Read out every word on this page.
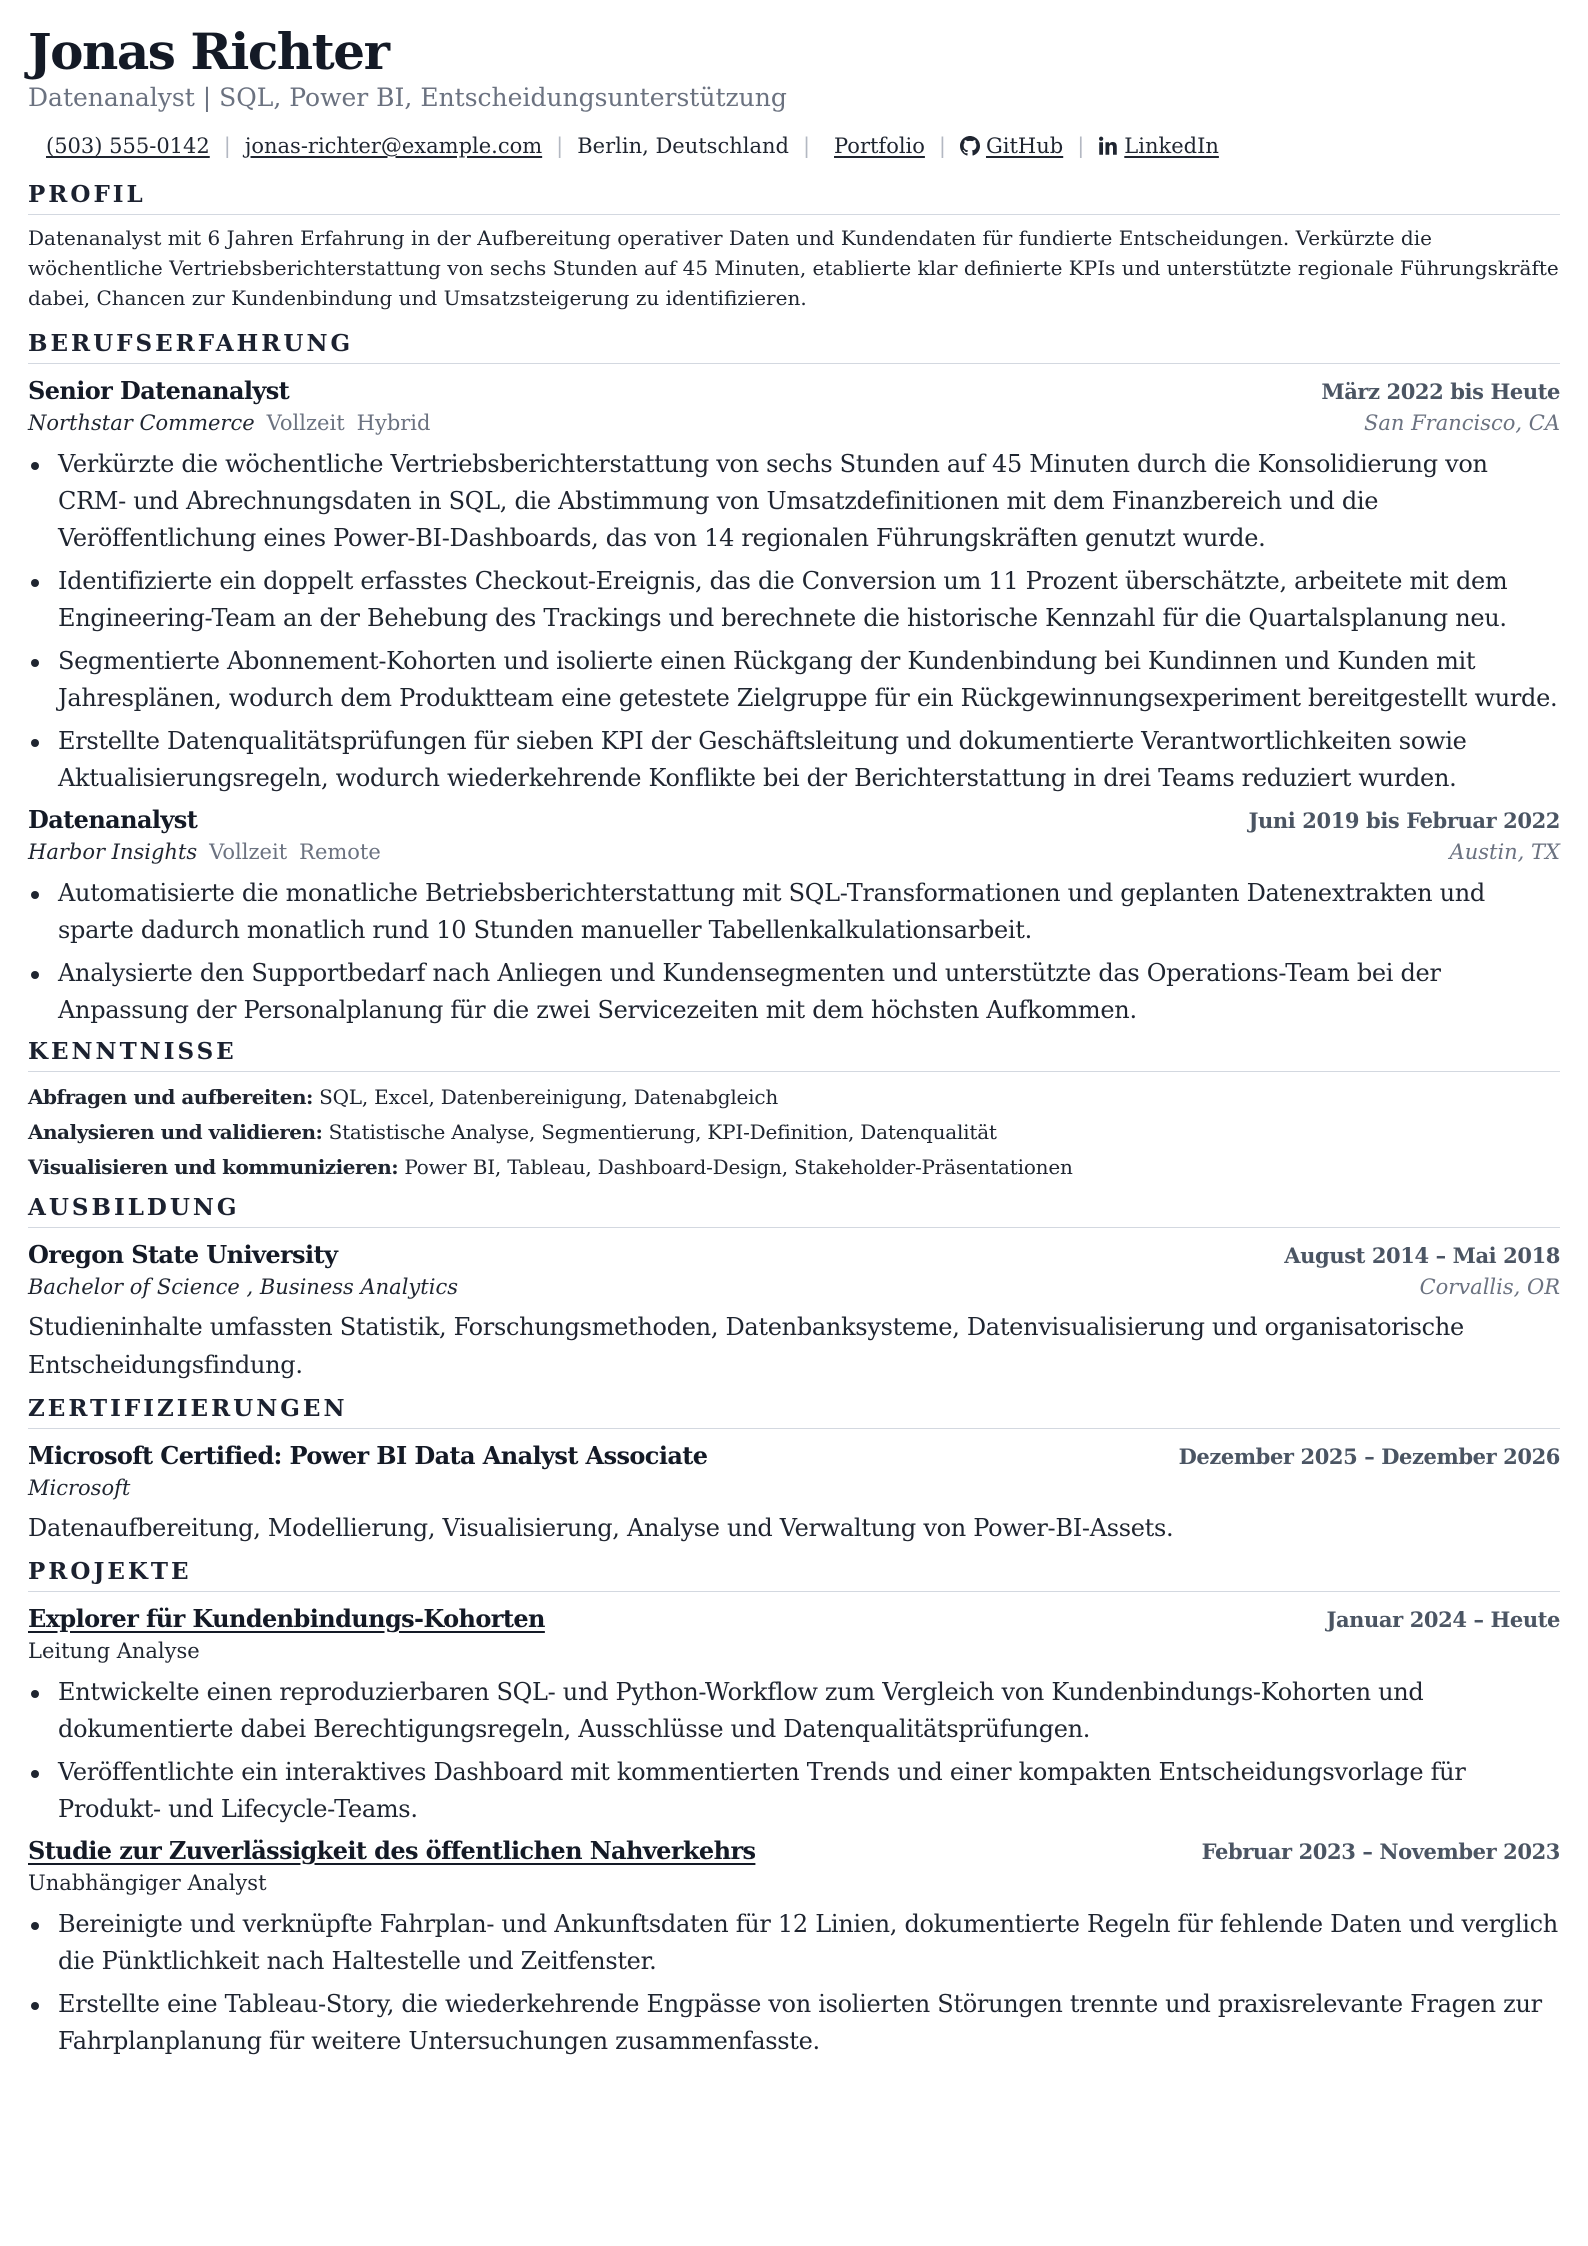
Jonas Richter
Datenanalyst | SQL, Power BI, Entscheidungsunterstützung
(503) 555-0142 | jonas-richter@example.com | Berlin, Deutschland | Portfolio | GitHub | LinkedIn
PROFIL
Datenanalyst mit 6 Jahren Erfahrung in der Aufbereitung operativer Daten und Kundendaten für fundierte Entscheidungen. Verkürzte die wöchentliche Vertriebsberichterstattung von sechs Stunden auf 45 Minuten, etablierte klar definierte KPIs und unterstützte regionale Führungskräfte dabei, Chancen zur Kundenbindung und Umsatzsteigerung zu identifizieren.
BERUFSERFAHRUNG
Senior Datenanalyst	März 2022 bis Heute
Northstar Commerce Vollzeit Hybrid	San Francisco, CA
Verkürzte die wöchentliche Vertriebsberichterstattung von sechs Stunden auf 45 Minuten durch die Konsolidierung von CRM- und Abrechnungsdaten in SQL, die Abstimmung von Umsatzdefinitionen mit dem Finanzbereich und die Veröffentlichung eines Power-BI-Dashboards, das von 14 regionalen Führungskräften genutzt wurde.
Identifizierte ein doppelt erfasstes Checkout-Ereignis, das die Conversion um 11 Prozent überschätzte, arbeitete mit dem Engineering-Team an der Behebung des Trackings und berechnete die historische Kennzahl für die Quartalsplanung neu.
Segmentierte Abonnement-Kohorten und isolierte einen Rückgang der Kundenbindung bei Kundinnen und Kunden mit Jahresplänen, wodurch dem Produktteam eine getestete Zielgruppe für ein Rückgewinnungsexperiment bereitgestellt wurde.
Erstellte Datenqualitätsprüfungen für sieben KPI der Geschäftsleitung und dokumentierte Verantwortlichkeiten sowie Aktualisierungsregeln, wodurch wiederkehrende Konflikte bei der Berichterstattung in drei Teams reduziert wurden.
Datenanalyst	Juni 2019 bis Februar 2022
Harbor Insights Vollzeit Remote	Austin, TX
Automatisierte die monatliche Betriebsberichterstattung mit SQL-Transformationen und geplanten Datenextrakten und sparte dadurch monatlich rund 10 Stunden manueller Tabellenkalkulationsarbeit.
Analysierte den Supportbedarf nach Anliegen und Kundensegmenten und unterstützte das Operations-Team bei der Anpassung der Personalplanung für die zwei Servicezeiten mit dem höchsten Aufkommen.
KENNTNISSE
Abfragen und aufbereiten: SQL, Excel, Datenbereinigung, Datenabgleich
Analysieren und validieren: Statistische Analyse, Segmentierung, KPI-Definition, Datenqualität
Visualisieren und kommunizieren: Power BI, Tableau, Dashboard-Design, Stakeholder-Präsentationen
AUSBILDUNG
Oregon State University	August 2014 – Mai 2018
Bachelor of Science , Business Analytics	Corvallis, OR
Studieninhalte umfassten Statistik, Forschungsmethoden, Datenbanksysteme, Datenvisualisierung und organisatorische Entscheidungsfindung.
ZERTIFIZIERUNGEN
Microsoft Certified: Power BI Data Analyst Associate	Dezember 2025 – Dezember 2026
Microsoft
Datenaufbereitung, Modellierung, Visualisierung, Analyse und Verwaltung von Power-BI-Assets.
PROJEKTE
Explorer für Kundenbindungs-Kohorten	Januar 2024 – Heute
Leitung Analyse
Entwickelte einen reproduzierbaren SQL- und Python-Workflow zum Vergleich von Kundenbindungs-Kohorten und dokumentierte dabei Berechtigungsregeln, Ausschlüsse und Datenqualitätsprüfungen.
Veröffentlichte ein interaktives Dashboard mit kommentierten Trends und einer kompakten Entscheidungsvorlage für Produkt- und Lifecycle-Teams.
Studie zur Zuverlässigkeit des öffentlichen Nahverkehrs	Februar 2023 – November 2023
Unabhängiger Analyst
Bereinigte und verknüpfte Fahrplan- und Ankunftsdaten für 12 Linien, dokumentierte Regeln für fehlende Daten und verglich die Pünktlichkeit nach Haltestelle und Zeitfenster.
Erstellte eine Tableau-Story, die wiederkehrende Engpässe von isolierten Störungen trennte und praxisrelevante Fragen zur Fahrplanplanung für weitere Untersuchungen zusammenfasste.
